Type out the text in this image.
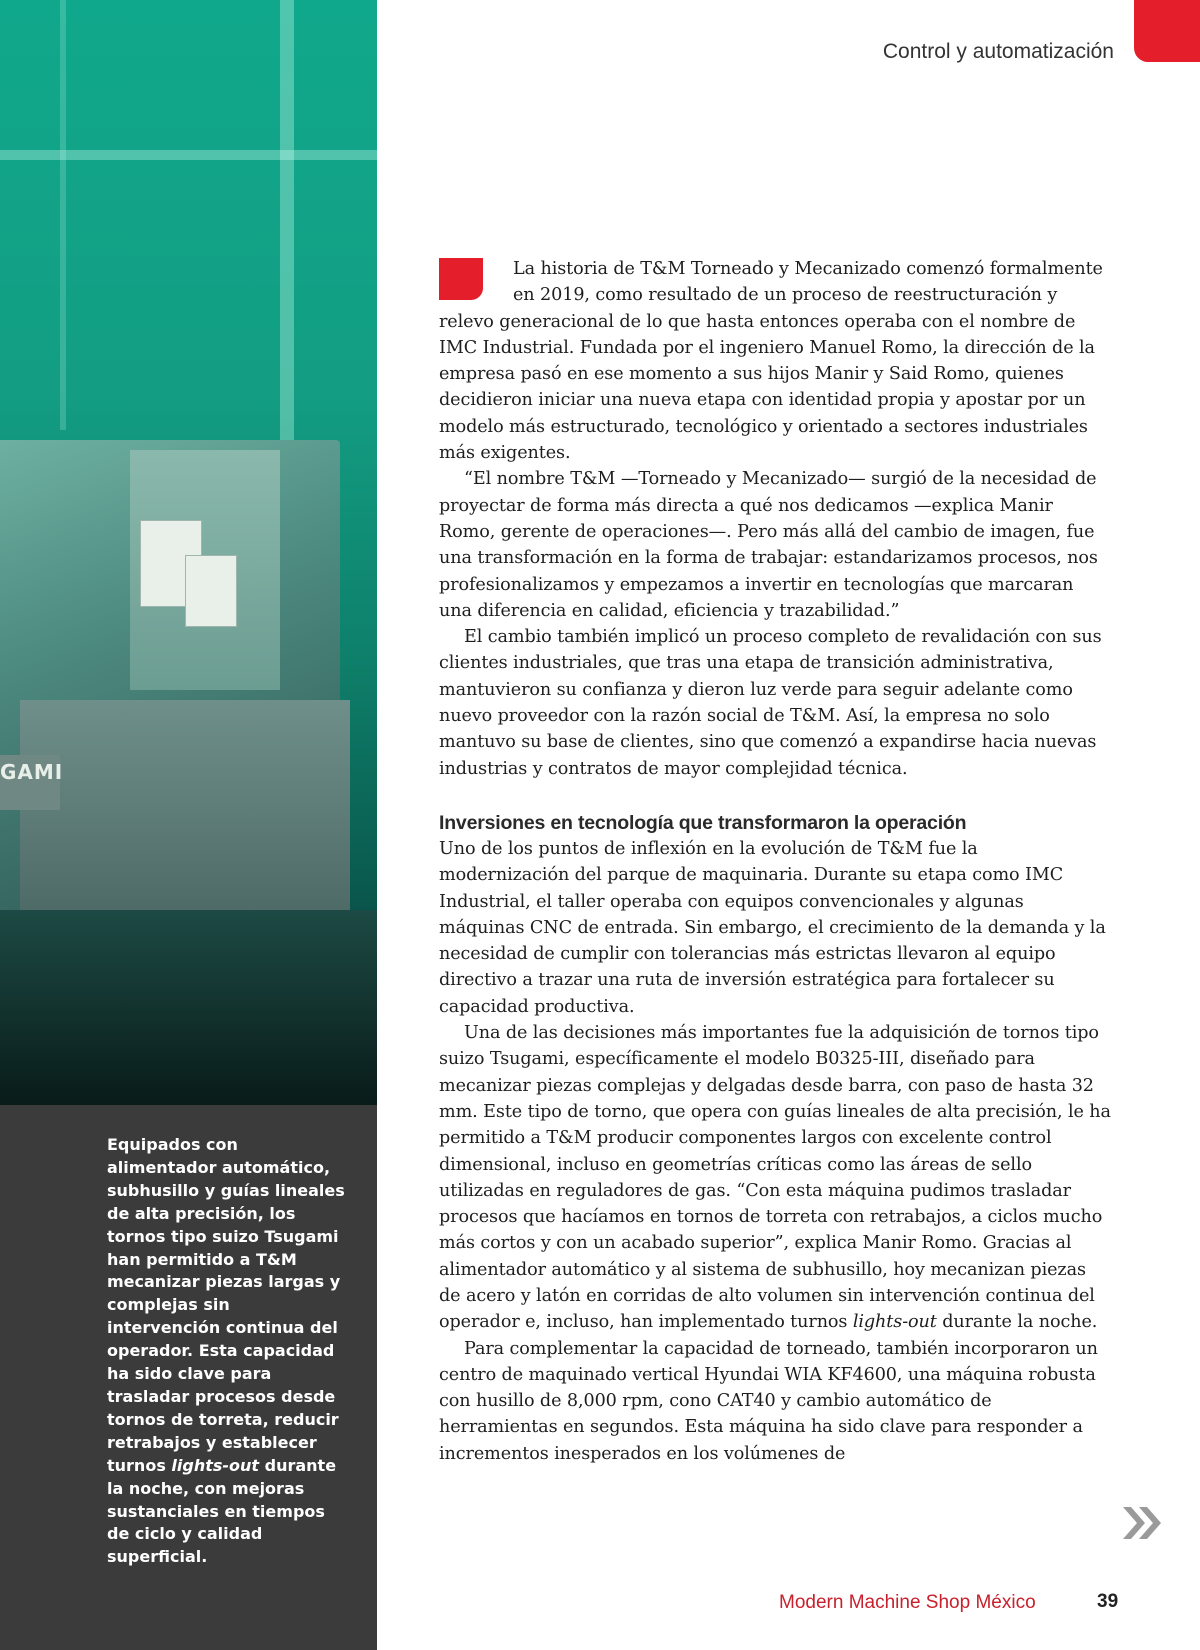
GAMI

Equipados con alimentador automático, subhusillo y guías lineales de alta precisión, los tornos tipo suizo Tsugami han permitido a T&M mecanizar piezas largas y complejas sin intervención continua del operador. Esta capacidad ha sido clave para trasladar procesos desde tornos de torreta, reducir retrabajos y establecer turnos lights-out durante la noche, con mejoras sustanciales en tiempos de ciclo y calidad superficial.

Control y automatización

La historia de T&M Torneado y Mecanizado comenzó formalmente en 2019, como resultado de un proceso de reestructuración y relevo generacional de lo que hasta entonces operaba con el nombre de IMC Industrial. Fundada por el ingeniero Manuel Romo, la dirección de la empresa pasó en ese momento a sus hijos Manir y Said Romo, quienes decidieron iniciar una nueva etapa con identidad propia y apostar por un modelo más estructurado, tecnológico y orientado a sectores industriales más exigentes.

“El nombre T&M —Torneado y Mecanizado— surgió de la necesidad de proyectar de forma más directa a qué nos dedicamos —explica Manir Romo, gerente de operaciones—. Pero más allá del cambio de imagen, fue una transformación en la forma de trabajar: estandarizamos procesos, nos profesionalizamos y empezamos a invertir en tecnologías que marcaran una diferencia en calidad, eficiencia y trazabilidad.”

El cambio también implicó un proceso completo de revalidación con sus clientes industriales, que tras una etapa de transición administrativa, mantuvieron su confianza y dieron luz verde para seguir adelante como nuevo proveedor con la razón social de T&M. Así, la empresa no solo mantuvo su base de clientes, sino que comenzó a expandirse hacia nuevas industrias y contratos de mayor complejidad técnica.

Inversiones en tecnología que transformaron la operación

Uno de los puntos de inflexión en la evolución de T&M fue la modernización del parque de maquinaria. Durante su etapa como IMC Industrial, el taller operaba con equipos convencionales y algunas máquinas CNC de entrada. Sin embargo, el crecimiento de la demanda y la necesidad de cumplir con tolerancias más estrictas llevaron al equipo directivo a trazar una ruta de inversión estratégica para fortalecer su capacidad productiva.

Una de las decisiones más importantes fue la adquisición de tornos tipo suizo Tsugami, específicamente el modelo B0325-III, diseñado para mecanizar piezas complejas y delgadas desde barra, con paso de hasta 32 mm. Este tipo de torno, que opera con guías lineales de alta precisión, le ha permitido a T&M producir componentes largos con excelente control dimensional, incluso en geometrías críticas como las áreas de sello utilizadas en reguladores de gas. “Con esta máquina pudimos trasladar procesos que hacíamos en tornos de torreta con retrabajos, a ciclos mucho más cortos y con un acabado superior”, explica Manir Romo. Gracias al alimentador automático y al sistema de subhusillo, hoy mecanizan piezas de acero y latón en corridas de alto volumen sin intervención continua del operador e, incluso, han implementado turnos lights-out durante la noche.

Para complementar la capacidad de torneado, también incorporaron un centro de maquinado vertical Hyundai WIA KF4600, una máquina robusta con husillo de 8,000 rpm, cono CAT40 y cambio automático de herramientas en segundos. Esta máquina ha sido clave para responder a incrementos inesperados en los volúmenes de

Modern Machine Shop México	39
